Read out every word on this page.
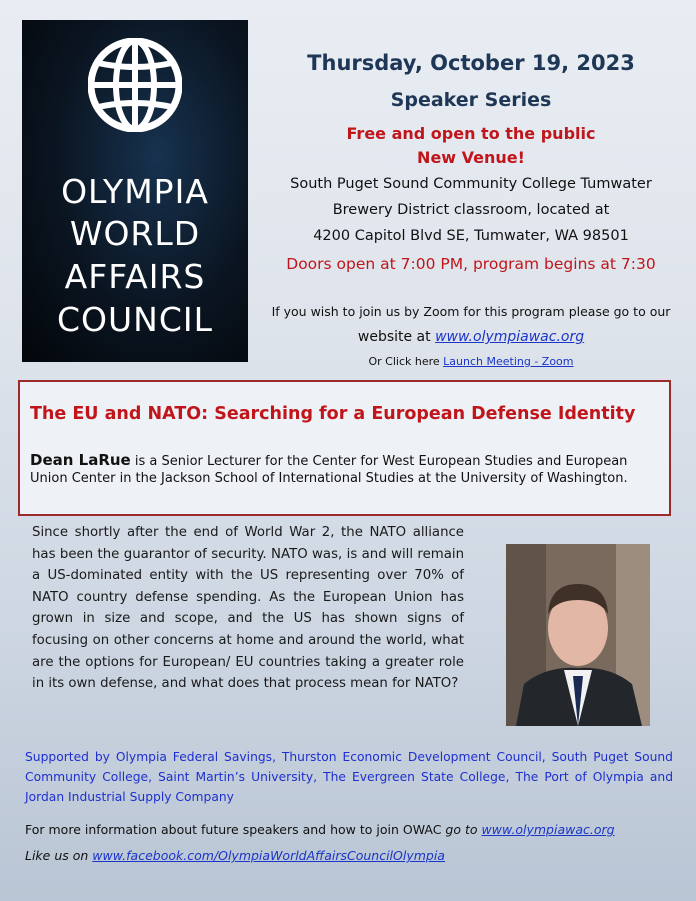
OLYMPIA
WORLD
AFFAIRS
COUNCIL
Thursday, October 19, 2023
Speaker Series
Free and open to the public
New Venue!
South Puget Sound Community College Tumwater
Brewery District classroom, located at
4200 Capitol Blvd SE, Tumwater, WA 98501
Doors open at 7:00 PM, program begins at 7:30
If you wish to join us by Zoom for this program please go to our
website at www.olympiawac.org
Or Click here Launch Meeting - Zoom
The EU and NATO: Searching for a European Defense Identity

Dean LaRue is a Senior Lecturer for the Center for West European Studies and European Union Center in the Jackson School of International Studies at the University of Washington.

Since shortly after the end of World War 2, the NATO alliance has been the guarantor of security. NATO was, is and will remain a US-dominated entity with the US representing over 70% of NATO country defense spending. As the European Union has grown in size and scope, and the US has shown signs of focusing on other concerns at home and around the world, what are the options for European/ EU countries taking a greater role in its own defense, and what does that process mean for NATO?

Supported by Olympia Federal Savings, Thurston Economic Development Council, South Puget Sound Community College, Saint Martin’s University, The Evergreen State College, The Port of Olympia and Jordan Industrial Supply Company

For more information about future speakers and how to join OWAC go to www.olympiawac.org
Like us on www.facebook.com/OlympiaWorldAffairsCouncilOlympia
